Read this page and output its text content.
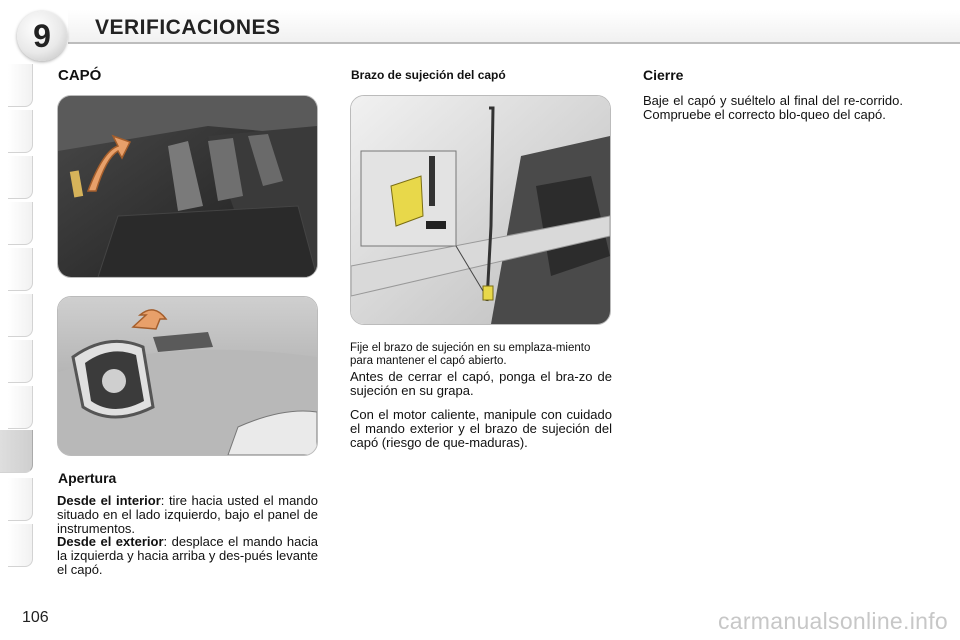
9 VERIFICACIONES
CAPÓ
Apertura
Desde el interior: tire hacia usted el mando situado en el lado izquierdo, bajo el panel de instrumentos.
Desde el exterior: desplace el mando hacia la izquierda y hacia arriba y des-pués levante el capó.
Brazo de sujeción del capó
Fije el brazo de sujeción en su emplaza-miento para mantener el capó abierto.
Antes de cerrar el capó, ponga el bra-zo de sujeción en su grapa.
Con el motor caliente, manipule con cuidado el mando exterior y el brazo de sujeción del capó (riesgo de que-maduras).
Cierre
Baje el capó y suéltelo al final del re-corrido. Compruebe el correcto blo-queo del capó.
106	carmanualsonline.info
